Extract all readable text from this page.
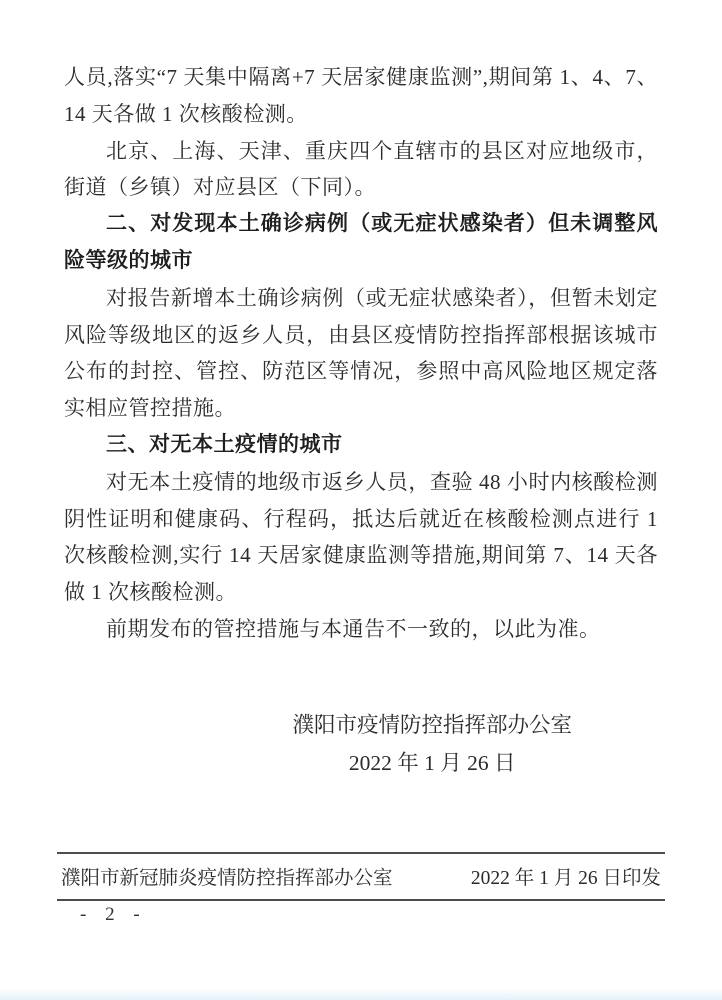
人员,落实“7 天集中隔离+7 天居家健康监测”,期间第 1、4、7、14 天各做 1 次核酸检测。

北京、上海、天津、重庆四个直辖市的县区对应地级市，街道（乡镇）对应县区（下同）。

二、对发现本土确诊病例（或无症状感染者）但未调整风险等级的城市

对报告新增本土确诊病例（或无症状感染者），但暂未划定风险等级地区的返乡人员，由县区疫情防控指挥部根据该城市公布的封控、管控、防范区等情况，参照中高风险地区规定落实相应管控措施。

三、对无本土疫情的城市

对无本土疫情的地级市返乡人员，查验 48 小时内核酸检测阴性证明和健康码、行程码，抵达后就近在核酸检测点进行 1 次核酸检测,实行 14 天居家健康监测等措施,期间第 7、14 天各做 1 次核酸检测。

前期发布的管控措施与本通告不一致的，以此为准。

濮阳市疫情防控指挥部办公室
2022 年 1 月 26 日
濮阳市新冠肺炎疫情防控指挥部办公室	2022 年 1 月 26 日印发
- 2 -
